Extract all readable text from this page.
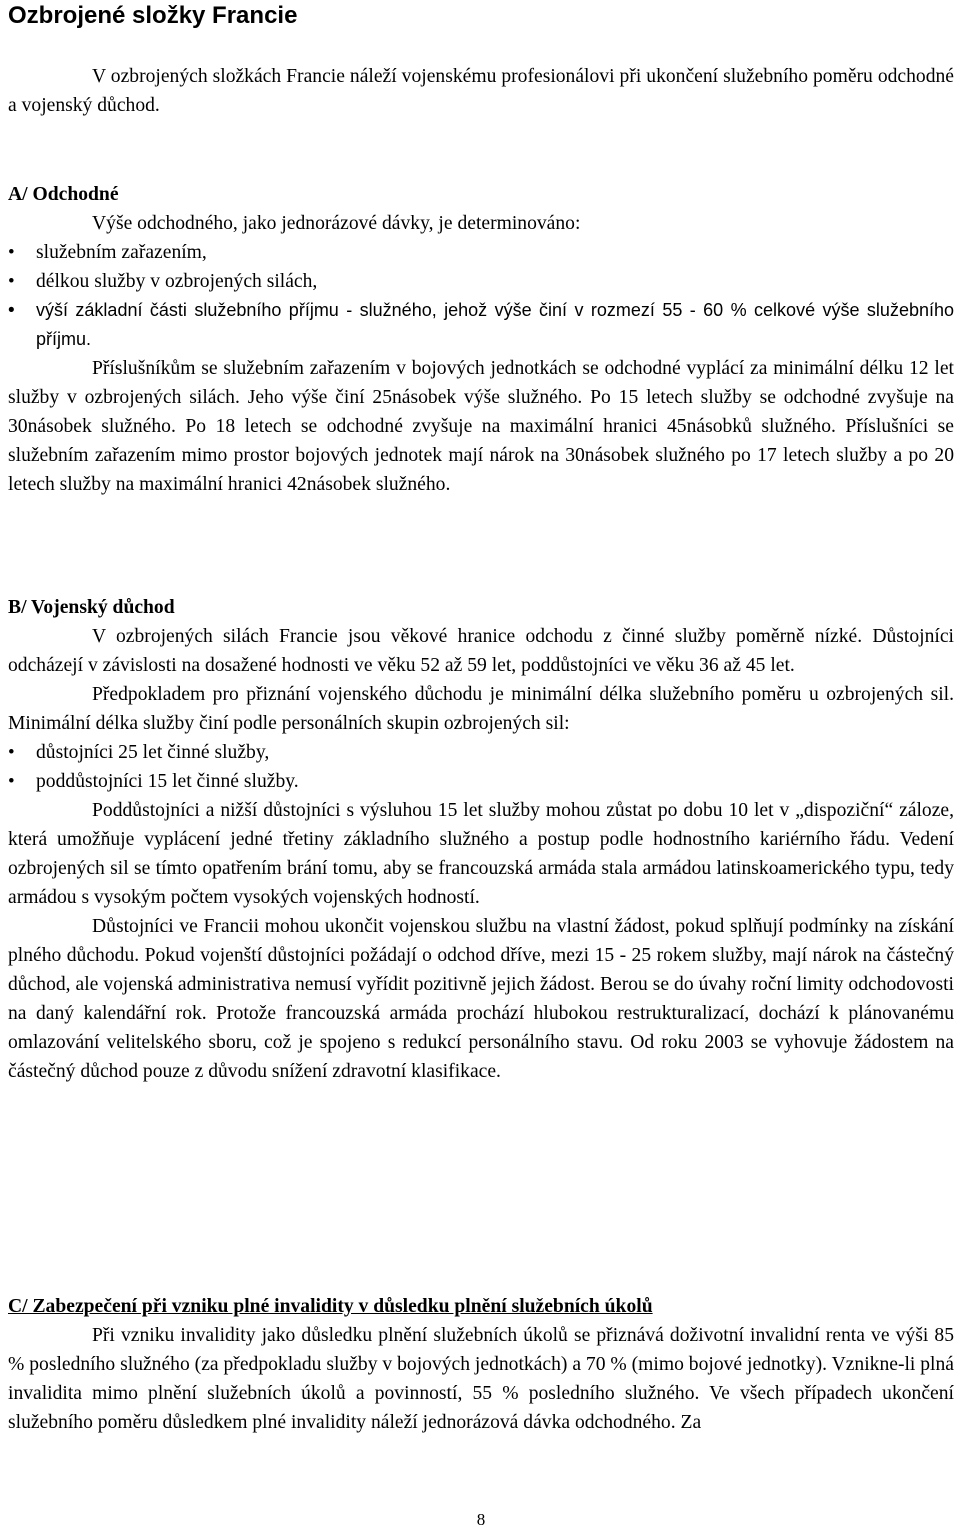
Ozbrojené složky Francie

V ozbrojených složkách Francie náleží vojenskému profesionálovi při ukončení služebního poměru odchodné a vojenský důchod.

A/ Odchodné

Výše odchodného, jako jednorázové dávky, je determinováno:

• služebním zařazením,
• délkou služby v ozbrojených silách,
• výší základní části služebního příjmu - služného, jehož výše činí v rozmezí 55 - 60 % celkové výše služebního příjmu.

Příslušníkům se služebním zařazením v bojových jednotkách se odchodné vyplácí za minimální délku 12 let služby v ozbrojených silách. Jeho výše činí 25násobek výše služného. Po 15 letech služby se odchodné zvyšuje na 30násobek služného. Po 18 letech se odchodné zvyšuje na maximální hranici 45násobků služného. Příslušníci se služebním zařazením mimo prostor bojových jednotek mají nárok na 30násobek služného po 17 letech služby a po 20 letech služby na maximální hranici 42násobek služného.

B/ Vojenský důchod

V ozbrojených silách Francie jsou věkové hranice odchodu z činné služby poměrně nízké. Důstojníci odcházejí v závislosti na dosažené hodnosti ve věku 52 až 59 let, poddůstojníci ve věku 36 až 45 let.

Předpokladem pro přiznání vojenského důchodu je minimální délka služebního poměru u ozbrojených sil. Minimální délka služby činí podle personálních skupin ozbrojených sil:

• důstojníci 25 let činné služby,
• poddůstojníci 15 let činné služby.

Poddůstojníci a nižší důstojníci s výsluhou 15 let služby mohou zůstat po dobu 10 let v „dispoziční“ záloze, která umožňuje vyplácení jedné třetiny základního služného a postup podle hodnostního kariérního řádu. Vedení ozbrojených sil se tímto opatřením brání tomu, aby se francouzská armáda stala armádou latinskoamerického typu, tedy armádou s vysokým počtem vysokých vojenských hodností.

Důstojníci ve Francii mohou ukončit vojenskou službu na vlastní žádost, pokud splňují podmínky na získání plného důchodu. Pokud vojenští důstojníci požádají o odchod dříve, mezi 15 - 25 rokem služby, mají nárok na částečný důchod, ale vojenská administrativa nemusí vyřídit pozitivně jejich žádost. Berou se do úvahy roční limity odchodovosti na daný kalendářní rok. Protože francouzská armáda prochází hlubokou restrukturalizací, dochází k plánovanému omlazování velitelského sboru, což je spojeno s redukcí personálního stavu. Od roku 2003 se vyhovuje žádostem na částečný důchod pouze z důvodu snížení zdravotní klasifikace.

C/ Zabezpečení při vzniku plné invalidity v důsledku plnění služebních úkolů

Při vzniku invalidity jako důsledku plnění služebních úkolů se přiznává doživotní invalidní renta ve výši 85 % posledního služného (za předpokladu služby v bojových jednotkách) a 70 % (mimo bojové jednotky). Vznikne-li plná invalidita mimo plnění služebních úkolů a povinností, 55 % posledního služného. Ve všech případech ukončení služebního poměru důsledkem plné invalidity náleží jednorázová dávka odchodného. Za

8
